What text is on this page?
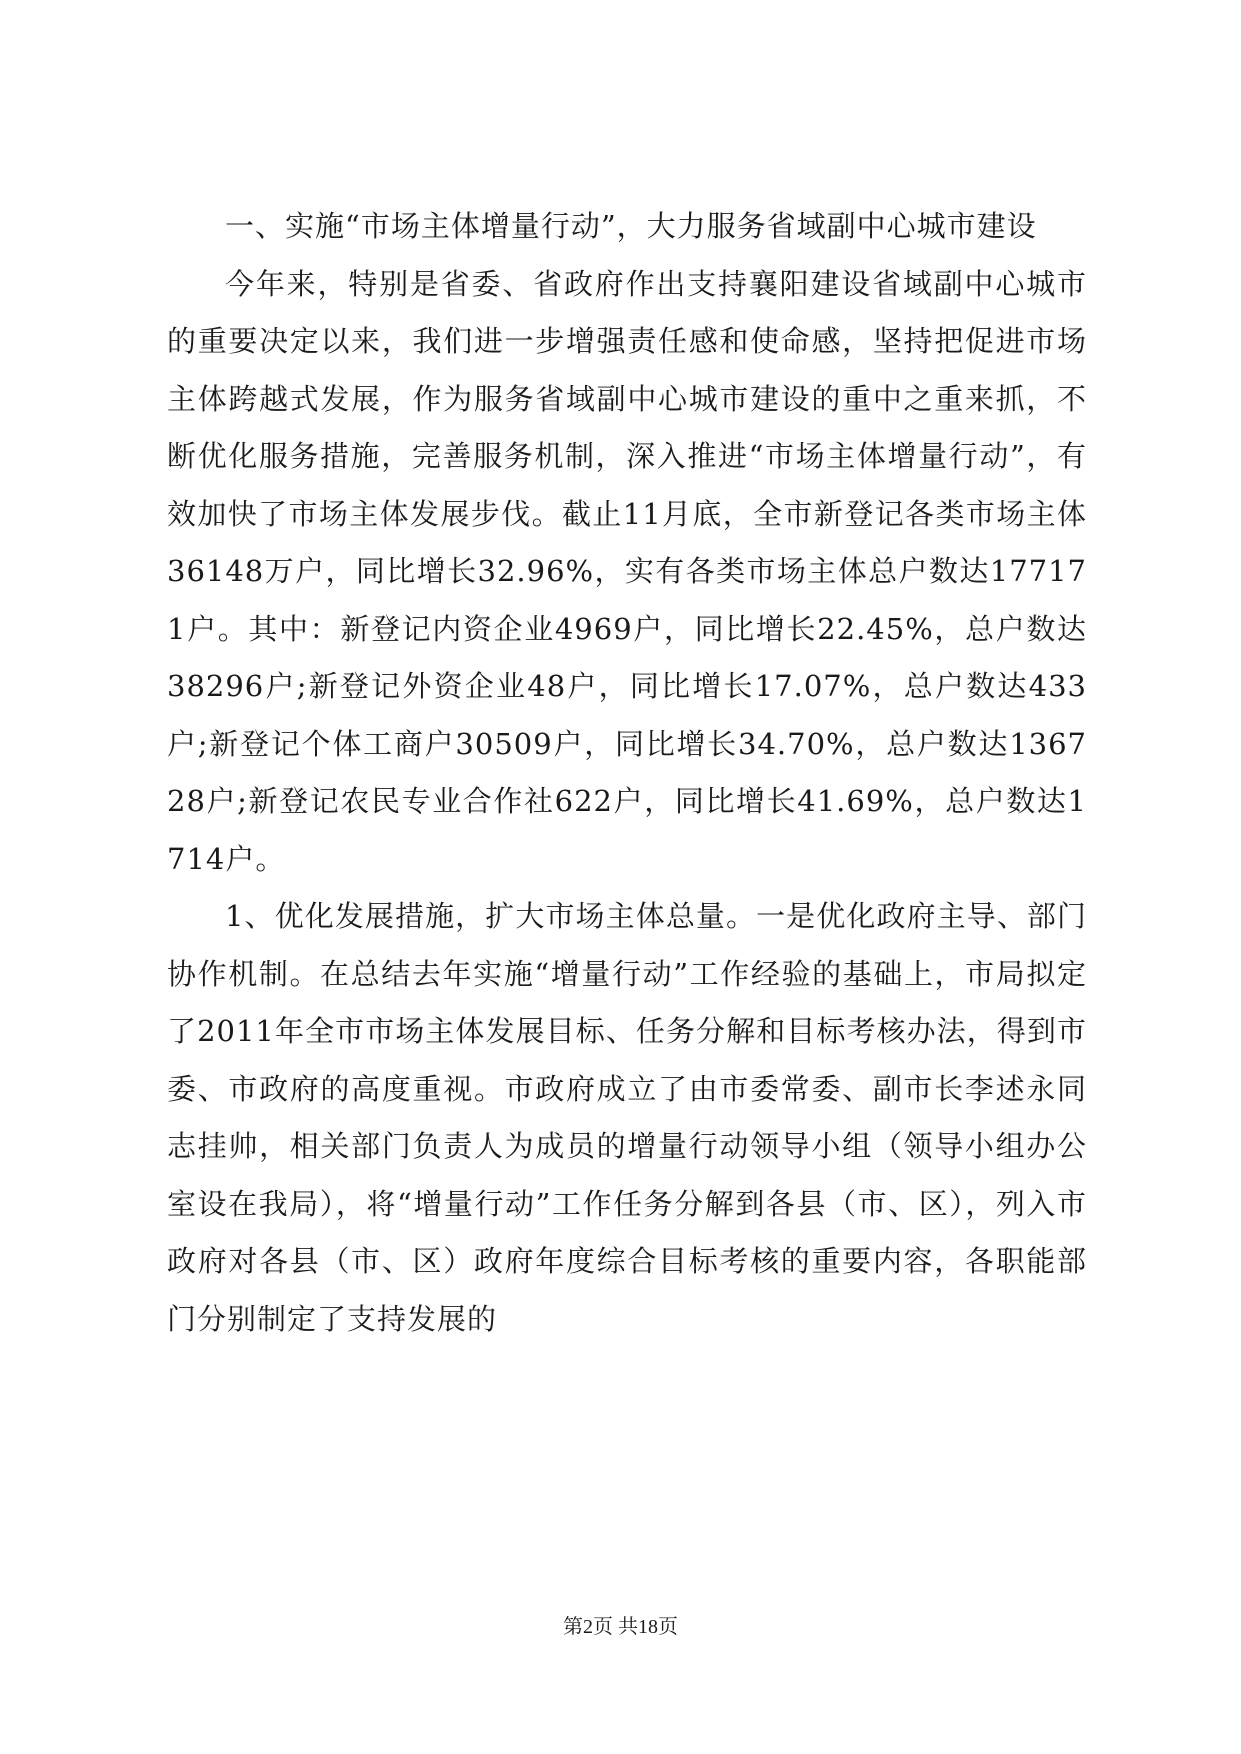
一、实施“市场主体增量行动”，大力服务省域副中心城市建设

今年来，特别是省委、省政府作出支持襄阳建设省域副中心城市的重要决定以来，我们进一步增强责任感和使命感，坚持把促进市场主体跨越式发展，作为服务省域副中心城市建设的重中之重来抓，不断优化服务措施，完善服务机制，深入推进“市场主体增量行动”，有效加快了市场主体发展步伐。截止11月底，全市新登记各类市场主体36148万户，同比增长32.96%，实有各类市场主体总户数达177171户。其中：新登记内资企业4969户，同比增长22.45%，总户数达38296户;新登记外资企业48户，同比增长17.07%，总户数达433户;新登记个体工商户30509户，同比增长34.70%，总户数达136728户;新登记农民专业合作社622户，同比增长41.69%，总户数达1714户。

1、优化发展措施，扩大市场主体总量。一是优化政府主导、部门协作机制。在总结去年实施“增量行动”工作经验的基础上，市局拟定了2011年全市市场主体发展目标、任务分解和目标考核办法，得到市委、市政府的高度重视。市政府成立了由市委常委、副市长李述永同志挂帅，相关部门负责人为成员的增量行动领导小组（领导小组办公室设在我局），将“增量行动”工作任务分解到各县（市、区），列入市政府对各县（市、区）政府年度综合目标考核的重要内容，各职能部门分别制定了支持发展的

第2页 共18页
